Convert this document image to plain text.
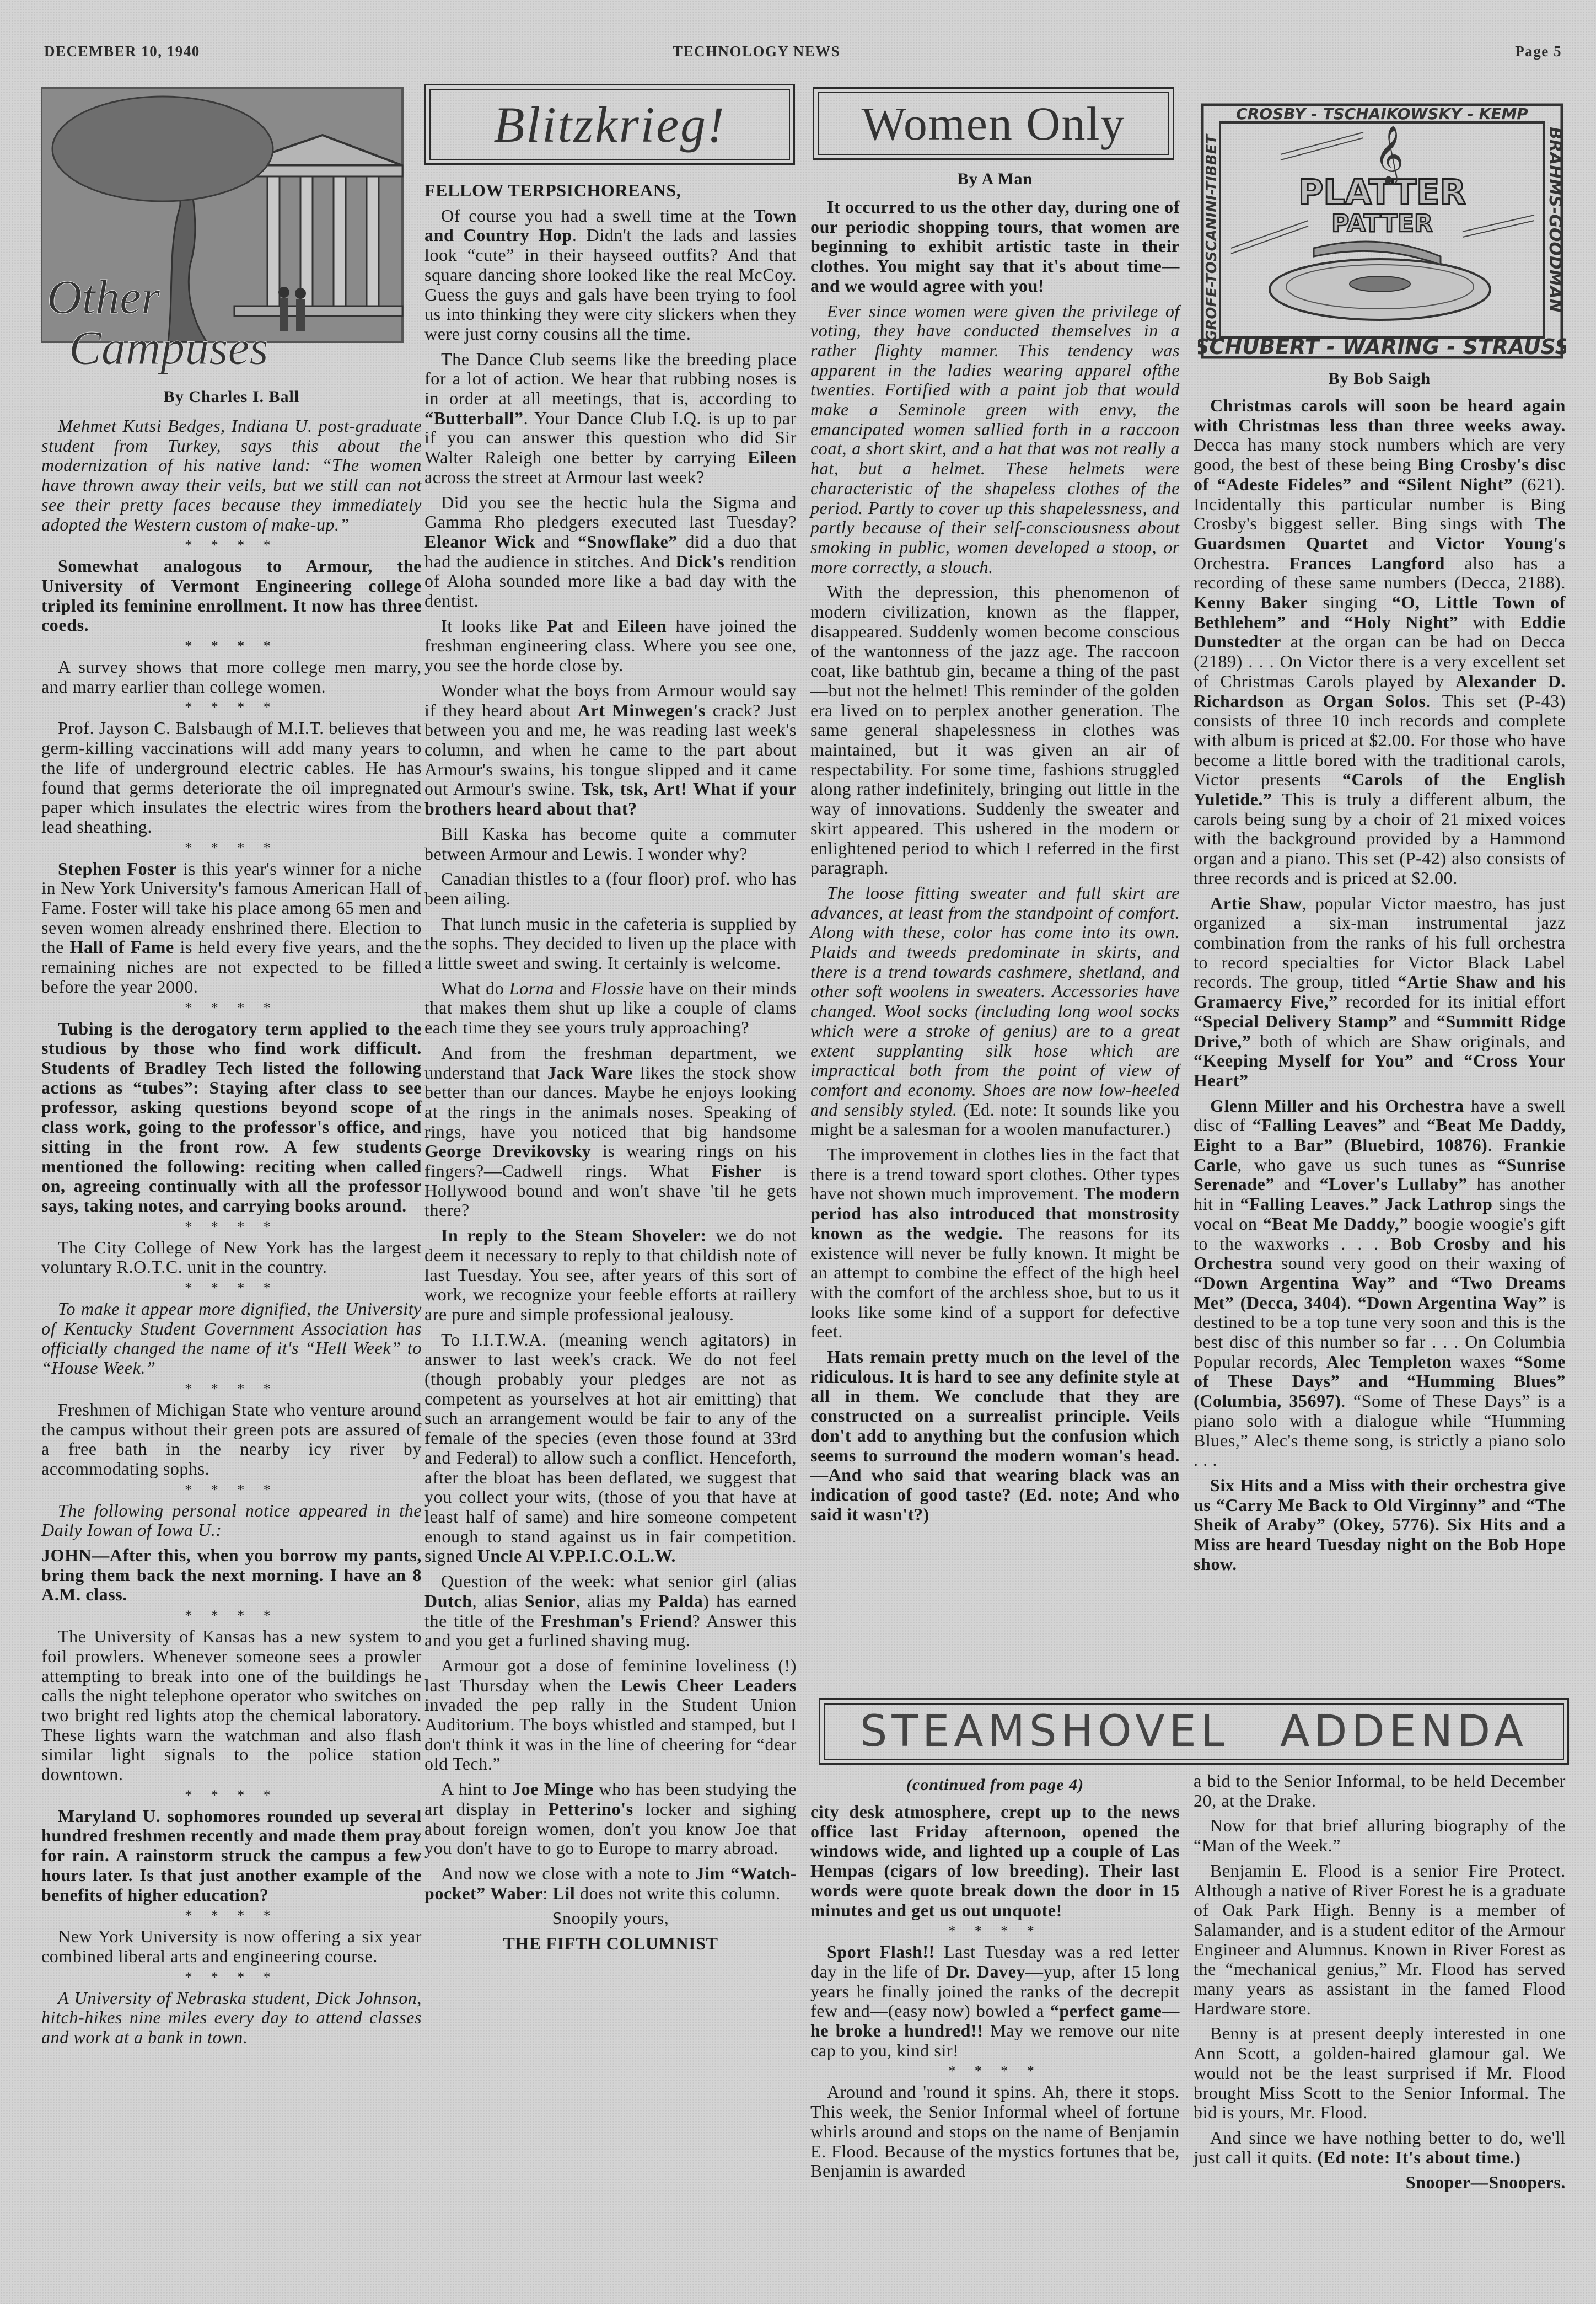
DECEMBER 10, 1940	TECHNOLOGY NEWS	Page 5
Other
Campuses
By Charles I. Ball

Mehmet Kutsi Bedges, Indiana U. post-graduate student from Turkey, says this about the modernization of his native land: “The women have thrown away their veils, but we still can not see their pretty faces because they immediately adopted the Western custom of make-up.”

* * * *

Somewhat analogous to Armour, the University of Vermont Engineering college tripled its feminine enrollment. It now has three coeds.

* * * *

A survey shows that more college men marry, and marry earlier than college women.

* * * *

Prof. Jayson C. Balsbaugh of M.I.T. believes that germ-killing vaccinations will add many years to the life of underground electric cables. He has found that germs deteriorate the oil impregnated paper which insulates the electric wires from the lead sheathing.

* * * *

Stephen Foster is this year's winner for a niche in New York University's famous American Hall of Fame. Foster will take his place among 65 men and seven women already enshrined there. Election to the Hall of Fame is held every five years, and the remaining niches are not expected to be filled before the year 2000.

* * * *

Tubing is the derogatory term applied to the studious by those who find work difficult. Students of Bradley Tech listed the following actions as “tubes”: Staying after class to see professor, asking questions beyond scope of class work, going to the professor's office, and sitting in the front row. A few students mentioned the following: reciting when called on, agreeing continually with all the professor says, taking notes, and carrying books around.

* * * *

The City College of New York has the largest voluntary R.O.T.C. unit in the country.

* * * *

To make it appear more dignified, the University of Kentucky Student Government Association has officially changed the name of it's “Hell Week” to “House Week.”

* * * *

Freshmen of Michigan State who venture around the campus without their green pots are assured of a free bath in the nearby icy river by accommodating sophs.

* * * *

The following personal notice appeared in the Daily Iowan of Iowa U.:

JOHN—After this, when you borrow my pants, bring them back the next morning. I have an 8 A.M. class.

* * * *

The University of Kansas has a new system to foil prowlers. Whenever someone sees a prowler attempting to break into one of the buildings he calls the night telephone operator who switches on two bright red lights atop the chemical laboratory. These lights warn the watchman and also flash similar light signals to the police station downtown.

* * * *

Maryland U. sophomores rounded up several hundred freshmen recently and made them pray for rain. A rainstorm struck the campus a few hours later. Is that just another example of the benefits of higher education?

* * * *

New York University is now offering a six year combined liberal arts and engineering course.

* * * *

A University of Nebraska student, Dick Johnson, hitch-hikes nine miles every day to attend classes and work at a bank in town.

Blitzkrieg!

FELLOW TERPSICHOREANS,

Of course you had a swell time at the Town and Country Hop. Didn't the lads and lassies look “cute” in their hayseed outfits? And that square dancing shore looked like the real McCoy. Guess the guys and gals have been trying to fool us into thinking they were city slickers when they were just corny cousins all the time.

The Dance Club seems like the breeding place for a lot of action. We hear that rubbing noses is in order at all meetings, that is, according to “Butterball”. Your Dance Club I.Q. is up to par if you can answer this question who did Sir Walter Raleigh one better by carrying Eileen across the street at Armour last week?

Did you see the hectic hula the Sigma and Gamma Rho pledgers executed last Tuesday? Eleanor Wick and “Snowflake” did a duo that had the audience in stitches. And Dick's rendition of Aloha sounded more like a bad day with the dentist.

It looks like Pat and Eileen have joined the freshman engineering class. Where you see one, you see the horde close by.

Wonder what the boys from Armour would say if they heard about Art Minwegen's crack? Just between you and me, he was reading last week's column, and when he came to the part about Armour's swains, his tongue slipped and it came out Armour's swine. Tsk, tsk, Art! What if your brothers heard about that?

Bill Kaska has become quite a commuter between Armour and Lewis. I wonder why?

Canadian thistles to a (four floor) prof. who has been ailing.

That lunch music in the cafeteria is supplied by the sophs. They decided to liven up the place with a little sweet and swing. It certainly is welcome.

What do Lorna and Flossie have on their minds that makes them shut up like a couple of clams each time they see yours truly approaching?

And from the freshman department, we understand that Jack Ware likes the stock show better than our dances. Maybe he enjoys looking at the rings in the animals noses. Speaking of rings, have you noticed that big handsome George Drevikovsky is wearing rings on his fingers?—Cadwell rings. What Fisher is Hollywood bound and won't shave 'til he gets there?

In reply to the Steam Shoveler: we do not deem it necessary to reply to that childish note of last Tuesday. You see, after years of this sort of work, we recognize your feeble efforts at raillery are pure and simple professional jealousy.

To I.I.T.W.A. (meaning wench agitators) in answer to last week's crack. We do not feel (though probably your pledges are not as competent as yourselves at hot air emitting) that such an arrangement would be fair to any of the female of the species (even those found at 33rd and Federal) to allow such a conflict. Henceforth, after the bloat has been deflated, we suggest that you collect your wits, (those of you that have at least half of same) and hire someone competent enough to stand against us in fair competition. signed Uncle Al V.PP.I.C.O.L.W.

Question of the week: what senior girl (alias Dutch, alias Senior, alias my Palda) has earned the title of the Freshman's Friend? Answer this and you get a furlined shaving mug.

Armour got a dose of feminine loveliness (!) last Thursday when the Lewis Cheer Leaders invaded the pep rally in the Student Union Auditorium. The boys whistled and stamped, but I don't think it was in the line of cheering for “dear old Tech.”

A hint to Joe Minge who has been studying the art display in Petterino's locker and sighing about foreign women, don't you know Joe that you don't have to go to Europe to marry abroad.

And now we close with a note to Jim “Watch-pocket” Waber: Lil does not write this column.

Snoopily yours,

THE FIFTH COLUMNIST

Women Only
By A Man

It occurred to us the other day, during one of our periodic shopping tours, that women are beginning to exhibit artistic taste in their clothes. You might say that it's about time—and we would agree with you!

Ever since women were given the privilege of voting, they have conducted themselves in a rather flighty manner. This tendency was apparent in the ladies wearing apparel ofthe twenties. Fortified with a paint job that would make a Seminole green with envy, the emancipated women sallied forth in a raccoon coat, a short skirt, and a hat that was not really a hat, but a helmet. These helmets were characteristic of the shapeless clothes of the period. Partly to cover up this shapelessness, and partly because of their self-consciousness about smoking in public, women developed a stoop, or more correctly, a slouch.

With the depression, this phenomenon of modern civilization, known as the flapper, disappeared. Suddenly women become conscious of the wantonness of the jazz age. The raccoon coat, like bathtub gin, became a thing of the past—but not the helmet! This reminder of the golden era lived on to perplex another generation. The same general shapelessness in clothes was maintained, but it was given an air of respectability. For some time, fashions struggled along rather indefinitely, bringing out little in the way of innovations. Suddenly the sweater and skirt appeared. This ushered in the modern or enlightened period to which I referred in the first paragraph.

The loose fitting sweater and full skirt are advances, at least from the standpoint of comfort. Along with these, color has come into its own. Plaids and tweeds predominate in skirts, and there is a trend towards cashmere, shetland, and other soft woolens in sweaters. Accessories have changed. Wool socks (including long wool socks which were a stroke of genius) are to a great extent supplanting silk hose which are impractical both from the point of view of comfort and economy. Shoes are now low-heeled and sensibly styled. (Ed. note: It sounds like you might be a salesman for a woolen manufacturer.)

The improvement in clothes lies in the fact that there is a trend toward sport clothes. Other types have not shown much improvement. The modern period has also introduced that monstrosity known as the wedgie. The reasons for its existence will never be fully known. It might be an attempt to combine the effect of the high heel with the comfort of the archless shoe, but to us it looks like some kind of a support for defective feet.

Hats remain pretty much on the level of the ridiculous. It is hard to see any definite style at all in them. We conclude that they are constructed on a surrealist principle. Veils don't add to anything but the confusion which seems to surround the modern woman's head.—And who said that wearing black was an indication of good taste? (Ed. note; And who said it wasn't?)

CROSBY - TSCHAIKOWSKY - KEMP
SCHUBERT - WARING - STRAUSS
GROFE-TOSCANINI-TIBBET	BRAHMS-GOODMAN
PLATTER
PATTER
𝄞
By Bob Saigh

Christmas carols will soon be heard again with Christmas less than three weeks away. Decca has many stock numbers which are very good, the best of these being Bing Crosby's disc of “Adeste Fideles” and “Silent Night” (621). Incidentally this particular number is Bing Crosby's biggest seller. Bing sings with The Guardsmen Quartet and Victor Young's Orchestra. Frances Langford also has a recording of these same numbers (Decca, 2188). Kenny Baker singing “O, Little Town of Bethlehem” and “Holy Night” with Eddie Dunstedter at the organ can be had on Decca (2189) . . . On Victor there is a very excellent set of Christmas Carols played by Alexander D. Richardson as Organ Solos. This set (P-43) consists of three 10 inch records and complete with album is priced at $2.00. For those who have become a little bored with the traditional carols, Victor presents “Carols of the English Yuletide.” This is truly a different album, the carols being sung by a choir of 21 mixed voices with the background provided by a Hammond organ and a piano. This set (P-42) also consists of three records and is priced at $2.00.

Artie Shaw, popular Victor maestro, has just organized a six-man instrumental jazz combination from the ranks of his full orchestra to record specialties for Victor Black Label records. The group, titled “Artie Shaw and his Gramaercy Five,” recorded for its initial effort “Special Delivery Stamp” and “Summitt Ridge Drive,” both of which are Shaw originals, and “Keeping Myself for You” and “Cross Your Heart”

Glenn Miller and his Orchestra have a swell disc of “Falling Leaves” and “Beat Me Daddy, Eight to a Bar” (Bluebird, 10876). Frankie Carle, who gave us such tunes as “Sunrise Serenade” and “Lover's Lullaby” has another hit in “Falling Leaves.” Jack Lathrop sings the vocal on “Beat Me Daddy,” boogie woogie's gift to the waxworks . . . Bob Crosby and his Orchestra sound very good on their waxing of “Down Argentina Way” and “Two Dreams Met” (Decca, 3404). “Down Argentina Way” is destined to be a top tune very soon and this is the best disc of this number so far . . . On Columbia Popular records, Alec Templeton waxes “Some of These Days” and “Humming Blues” (Columbia, 35697). “Some of These Days” is a piano solo with a dialogue while “Humming Blues,” Alec's theme song, is strictly a piano solo . . .

Six Hits and a Miss with their orchestra give us “Carry Me Back to Old Virginny” and “The Sheik of Araby” (Okey, 5776). Six Hits and a Miss are heard Tuesday night on the Bob Hope show.

STEAMSHOVEL ADDENDA
(continued from page 4)

city desk atmosphere, crept up to the news office last Friday afternoon, opened the windows wide, and lighted up a couple of Las Hempas (cigars of low breeding). Their last words were quote break down the door in 15 minutes and get us out unquote!

* * * *

Sport Flash!! Last Tuesday was a red letter day in the life of Dr. Davey—yup, after 15 long years he finally joined the ranks of the decrepit few and—(easy now) bowled a “perfect game—he broke a hundred!! May we remove our nite cap to you, kind sir!

* * * *

Around and 'round it spins. Ah, there it stops. This week, the Senior Informal wheel of fortune whirls around and stops on the name of Benjamin E. Flood. Because of the mystics fortunes that be, Benjamin is awarded

a bid to the Senior Informal, to be held December 20, at the Drake.

Now for that brief alluring biography of the “Man of the Week.”

Benjamin E. Flood is a senior Fire Protect. Although a native of River Forest he is a graduate of Oak Park High. Benny is a member of Salamander, and is a student editor of the Armour Engineer and Alumnus. Known in River Forest as the “mechanical genius,” Mr. Flood has served many years as assistant in the famed Flood Hardware store.

Benny is at present deeply interested in one Ann Scott, a golden-haired glamour gal. We would not be the least surprised if Mr. Flood brought Miss Scott to the Senior Informal. The bid is yours, Mr. Flood.

And since we have nothing better to do, we'll just call it quits. (Ed note: It's about time.)

Snooper—Snoopers.
